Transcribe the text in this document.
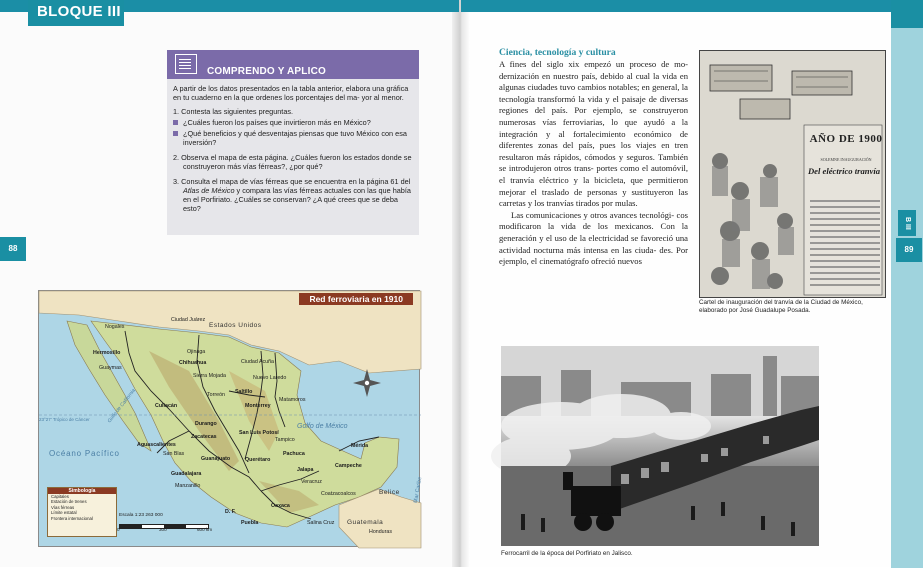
BLOQUE III
88
B III
89
COMPRENDO Y APLICO

A partir de los datos presentados en la tabla anterior, elabora una gráfica en tu cuaderno en la que ordenes los porcentajes del ma- yor al menor.

1. Contesta las siguientes preguntas.
¿Cuáles fueron los países que invirtieron más en México?
¿Qué beneficios y qué desventajas piensas que tuvo México con esa inversión?
2. Observa el mapa de esta página. ¿Cuáles fueron los estados donde se construyeron más vías férreas?, ¿por qué?
3. Consulta el mapa de vías férreas que se encuentra en la página 61 del Atlas de México y compara las vías férreas actuales con las que había en el Porfiriato. ¿Cuáles se conservan? ¿A qué crees que se deba esto?
Red ferroviaria en 1910
Estados Unidos
Océano Pacífico
Golfo de México
Golfo de California
23°27' Trópico de Cáncer
Belice
Guatemala
Honduras
Mar Caribe
Nogales
Ciudad Juárez
Hermosillo
Guaymas
Chihuahua
Ojinaga
Ciudad Acuña
Sierra Mojada	Nuevo Laredo
Saltillo
Monterrey
Torreón
Matamoros
Culiacán
Durango
Zacatecas
San Luis Potosí
Tampico
Aguascalientes
San Blas
Guanajuato	Querétaro
Pachuca
Guadalajara
Manzanillo
Jalapa
Veracruz
Mérida
Campeche
D. F.
Puebla
Oaxaca
Coatzacoalcos
Salina Cruz
Simbología
Capitales
Estación de trenes
Vías férreas
Límite estatal
Frontera internacional
Escala 1:23 263 000
0	300	600 km
Ciencia, tecnología y cultura

A fines del siglo xix empezó un proceso de mo- dernización en nuestro país, debido al cual la vida en algunas ciudades tuvo cambios notables; en general, la tecnología transformó la vida y el paisaje de diversas regiones del país. Por ejemplo, se construyeron numerosas vías ferroviarias, lo que ayudó a la integración y al fortalecimiento económico de diferentes zonas del país, pues los viajes en tren resultaron más rápidos, cómodos y seguros. También se introdujeron otros trans- portes como el automóvil, el tranvía eléctrico y la bicicleta, que permitieron mejorar el traslado de personas y sustituyeron las carretas y los tranvías tirados por mulas.

Las comunicaciones y otros avances tecnológi- cos modificaron la vida de los mexicanos. Con la generación y el uso de la electricidad se favoreció una actividad nocturna más intensa en las ciuda- des. Por ejemplo, el cinematógrafo ofreció nuevos

AÑO DE 1900
SOLEMNE INAUGURACIÓN
Del eléctrico tranvía
Cartel de inauguración del tranvía de la Ciudad de México, elaborado por José Guadalupe Posada.
Ferrocarril de la época del Porfiriato en Jalisco.
